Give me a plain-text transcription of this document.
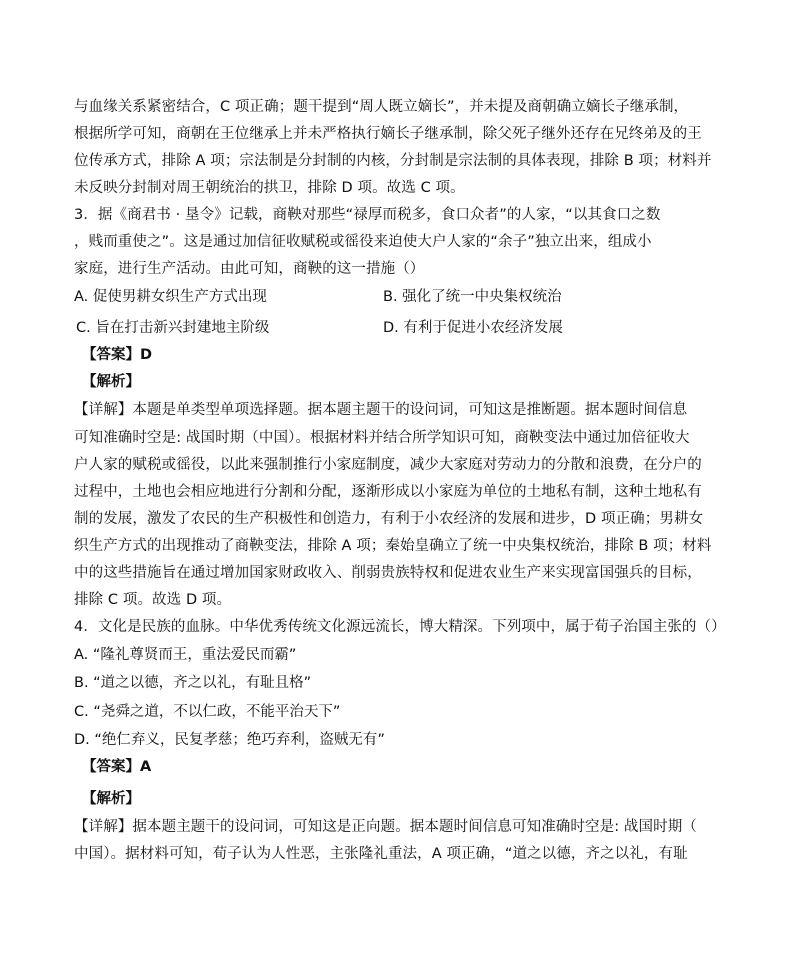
与血缘关系紧密结合，C 项正确；题干提到“周人既立嫡长”，并未提及商朝确立嫡长子继承制，
根据所学可知，商朝在王位继承上并未严格执行嫡长子继承制，除父死子继外还存在兄终弟及的王
位传承方式，排除 A 项；宗法制是分封制的内核，分封制是宗法制的具体表现，排除 B 项；材料并
未反映分封制对周王朝统治的拱卫，排除 D 项。故选 C 项。
3．据《商君书 · 垦令》记载，商鞅对那些“禄厚而税多，食口众者”的人家，“以其食口之数
，贱而重使之”。这是通过加信征收赋税或徭役来迫使大户人家的“余子”独立出来，组成小
家庭，进行生产活动。由此可知，商鞅的这一措施（）
A. 促使男耕女织生产方式出现	B. 强化了统一中央集权统治
C. 旨在打击新兴封建地主阶级	D. 有利于促进小农经济发展
【答案】D
【解析】
【详解】本题是单类型单项选择题。据本题主题干的设问词，可知这是推断题。据本题时间信息
可知准确时空是: 战国时期（中国）。根据材料并结合所学知识可知，商鞅变法中通过加倍征收大
户人家的赋税或徭役，以此来强制推行小家庭制度，减少大家庭对劳动力的分散和浪费，在分户的
过程中，土地也会相应地进行分割和分配，逐渐形成以小家庭为单位的土地私有制，这种土地私有
制的发展，激发了农民的生产积极性和创造力，有利于小农经济的发展和进步，D 项正确；男耕女
织生产方式的出现推动了商鞅变法，排除 A 项；秦始皇确立了统一中央集权统治，排除 B 项；材料
中的这些措施旨在通过增加国家财政收入、削弱贵族特权和促进农业生产来实现富国强兵的目标，
排除 C 项。故选 D 项。
4．文化是民族的血脉。中华优秀传统文化源远流长，博大精深。下列项中，属于荀子治国主张的（）
A. “隆礼尊贤而王，重法爱民而霸”
B. “道之以德，齐之以礼，有耻且格”
C. “尧舜之道，不以仁政，不能平治天下”
D. “绝仁弃义，民复孝慈；绝巧弃利，盗贼无有”
【答案】A
【解析】
【详解】据本题主题干的设问词，可知这是正向题。据本题时间信息可知准确时空是: 战国时期（
中国）。据材料可知，荀子认为人性恶，主张隆礼重法，A 项正确，“道之以德，齐之以礼，有耻
